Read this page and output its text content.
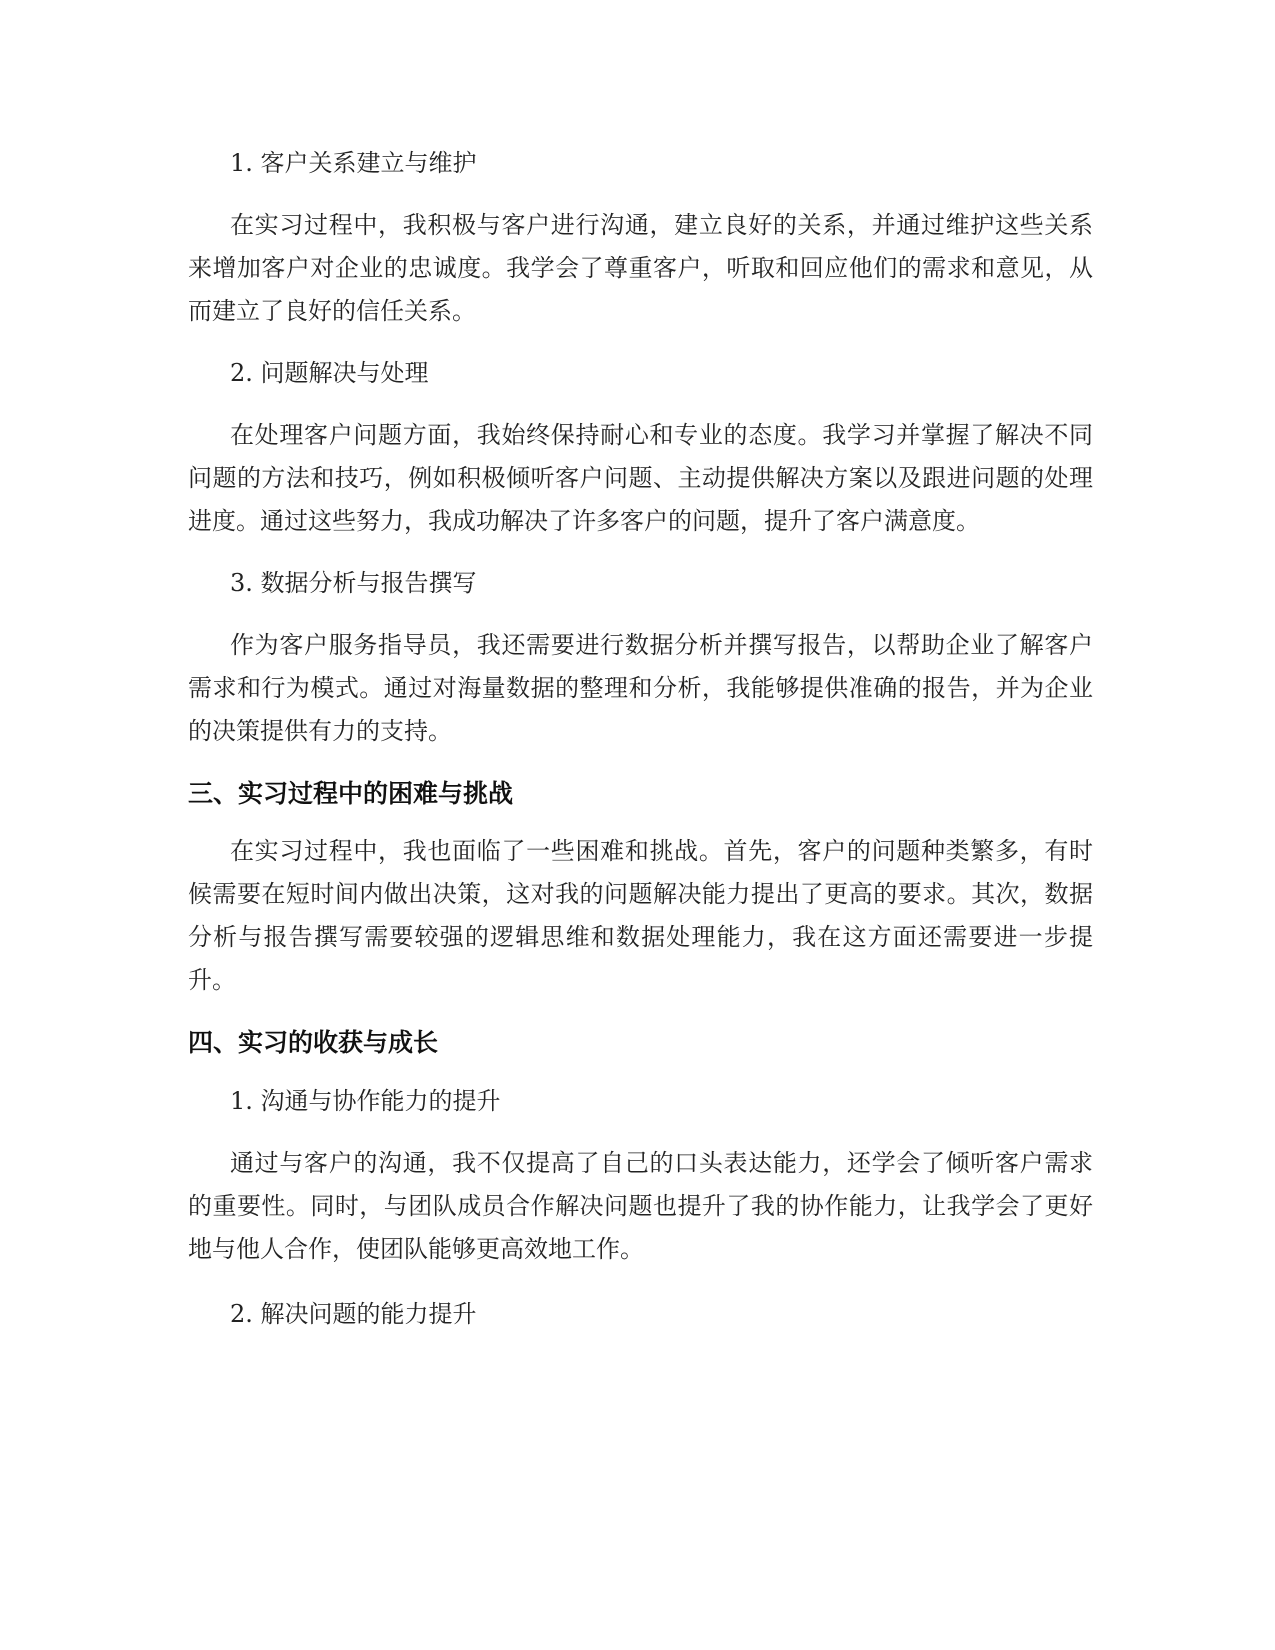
1. 客户关系建立与维护

在实习过程中，我积极与客户进行沟通，建立良好的关系，并通过维护这些关系来增加客户对企业的忠诚度。我学会了尊重客户，听取和回应他们的需求和意见，从而建立了良好的信任关系。

2. 问题解决与处理

在处理客户问题方面，我始终保持耐心和专业的态度。我学习并掌握了解决不同问题的方法和技巧，例如积极倾听客户问题、主动提供解决方案以及跟进问题的处理进度。通过这些努力，我成功解决了许多客户的问题，提升了客户满意度。

3. 数据分析与报告撰写

作为客户服务指导员，我还需要进行数据分析并撰写报告，以帮助企业了解客户需求和行为模式。通过对海量数据的整理和分析，我能够提供准确的报告，并为企业的决策提供有力的支持。

三、实习过程中的困难与挑战

在实习过程中，我也面临了一些困难和挑战。首先，客户的问题种类繁多，有时候需要在短时间内做出决策，这对我的问题解决能力提出了更高的要求。其次，数据分析与报告撰写需要较强的逻辑思维和数据处理能力，我在这方面还需要进一步提升。

四、实习的收获与成长

1. 沟通与协作能力的提升

通过与客户的沟通，我不仅提高了自己的口头表达能力，还学会了倾听客户需求的重要性。同时，与团队成员合作解决问题也提升了我的协作能力，让我学会了更好地与他人合作，使团队能够更高效地工作。

2. 解决问题的能力提升
